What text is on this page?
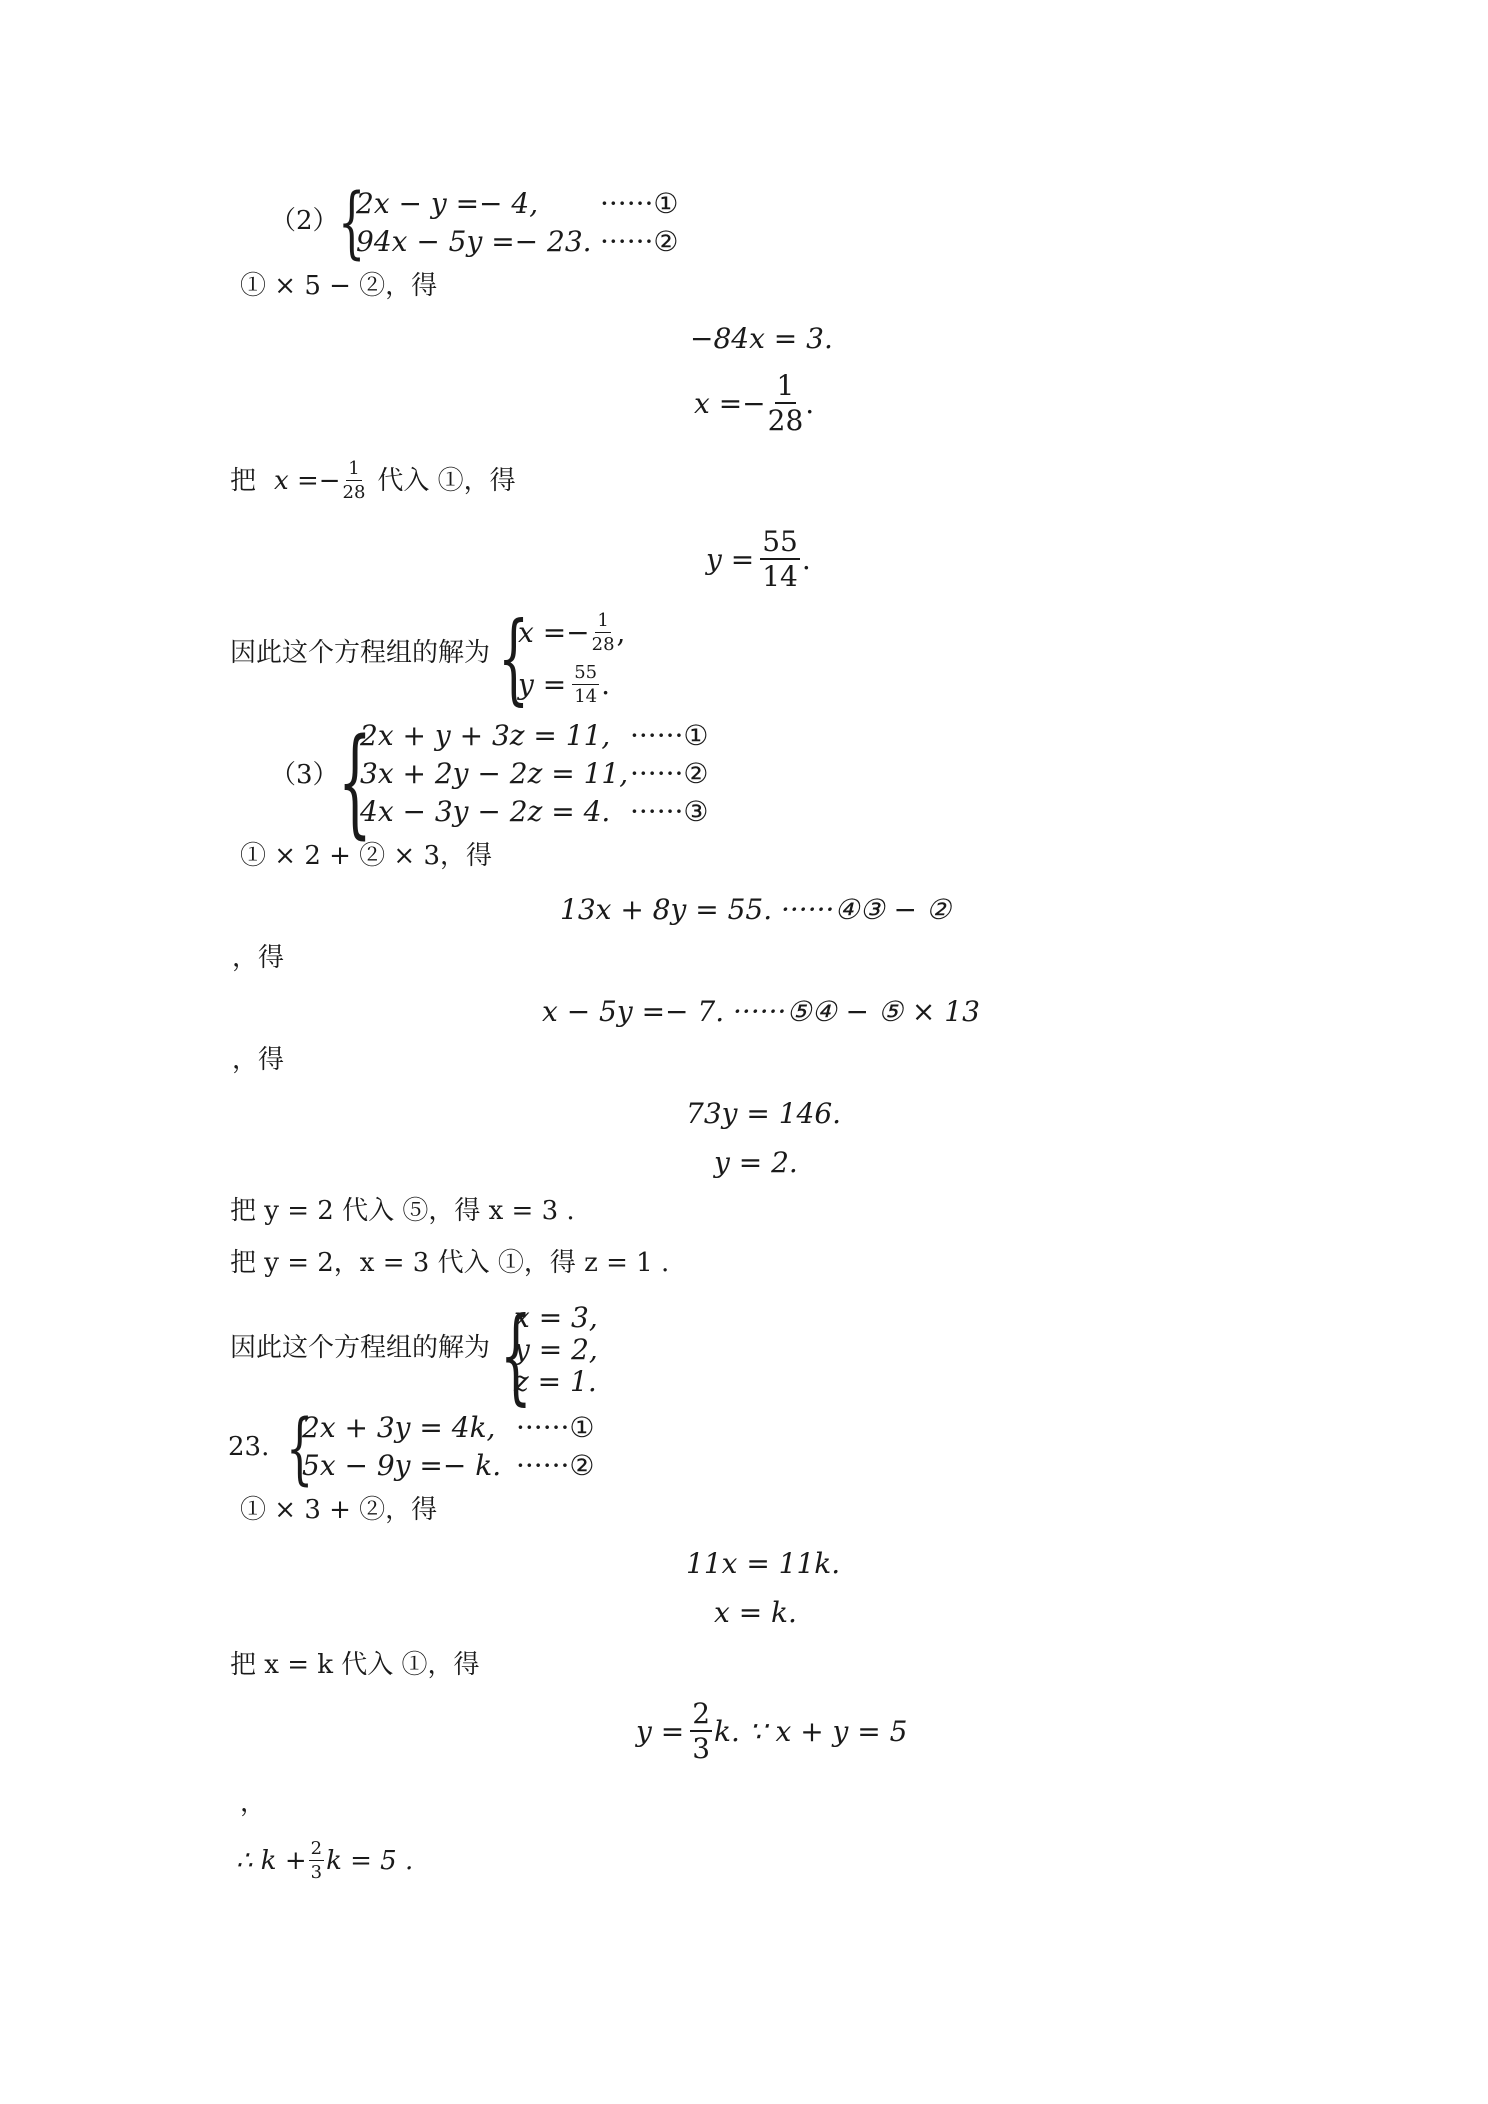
（2） {
2x − y =− 4, ······①
94x − 5y =− 23. ······②
① × 5 − ②，得
−84x = 3.
$x =- \frac{1}{28}$ .
把 $x =- \frac{1}{28}$ 代入 ①，得
$y = \frac{55}{14}$ .
因此这个方程组的解为 {
$x =- \frac{1}{28}$ ,
$y = \frac{55}{14}$ .
（3） {
2x + y + 3z = 11, ······①
3x + 2y − 2z = 11, ······②
4x − 3y − 2z = 4. ······③
① × 2 + ② × 3，得
13x + 8y = 55. ······④③ − ②
，得
x − 5y =− 7. ······⑤④ − ⑤ × 13
，得
73y = 146.
y = 2.
把 y = 2 代入 ⑤，得 x = 3 .
把 y = 2，x = 3 代入 ①，得 z = 1 .
因此这个方程组的解为 {
x = 3,
y = 2,
z = 1.
23. {
2x + 3y = 4k, ······①
5x − 9y =− k. ······②
① × 3 + ②，得
11x = 11k.
x = k.
把 x = k 代入 ①，得
$y = \frac{2}{3} k$. ∵ x + y = 5
，
∴ $k + \frac{2}{3}$ k = 5 .
